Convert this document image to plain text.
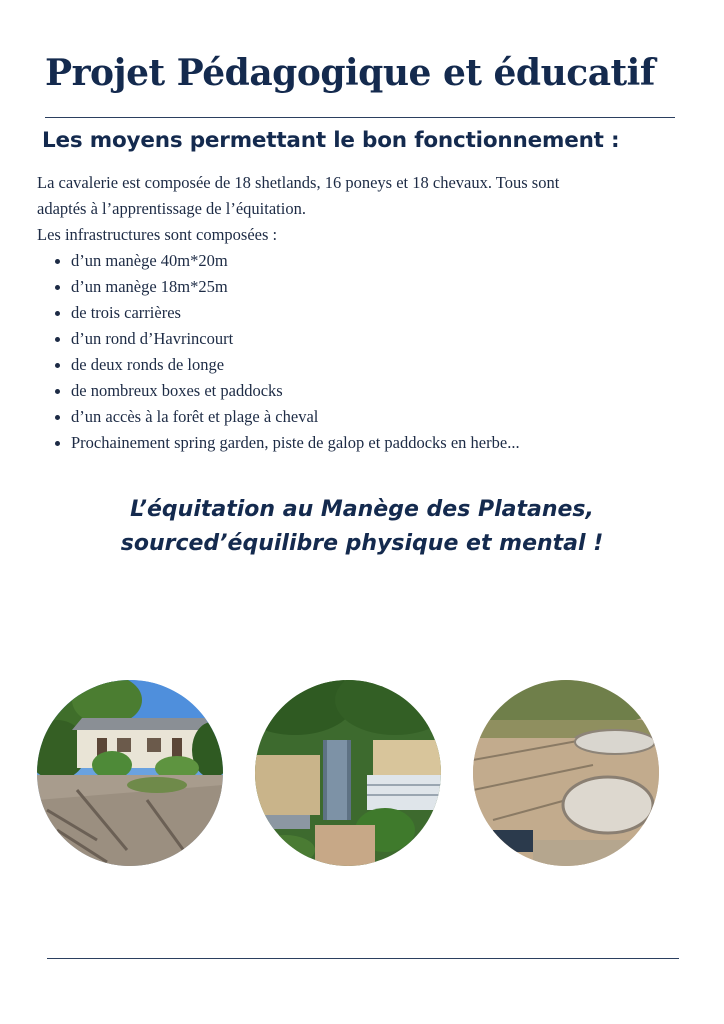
Projet Pédagogique et éducatif
Les moyens permettant le bon fonctionnement :

La cavalerie est composée de 18 shetlands, 16 poneys et 18 chevaux. Tous sont

adaptés à l’apprentissage de l’équitation.

Les infrastructures sont composées :

d’un manège 40m*20m
d’un manège 18m*25m
de trois carrières
d’un rond d’Havrincourt
de deux ronds de longe
de nombreux boxes et paddocks
d’un accès à la forêt et plage à cheval
Prochainement spring garden, piste de galop et paddocks en herbe...
L’équitation au Manège des Platanes,
sourced’équilibre physique et mental !
